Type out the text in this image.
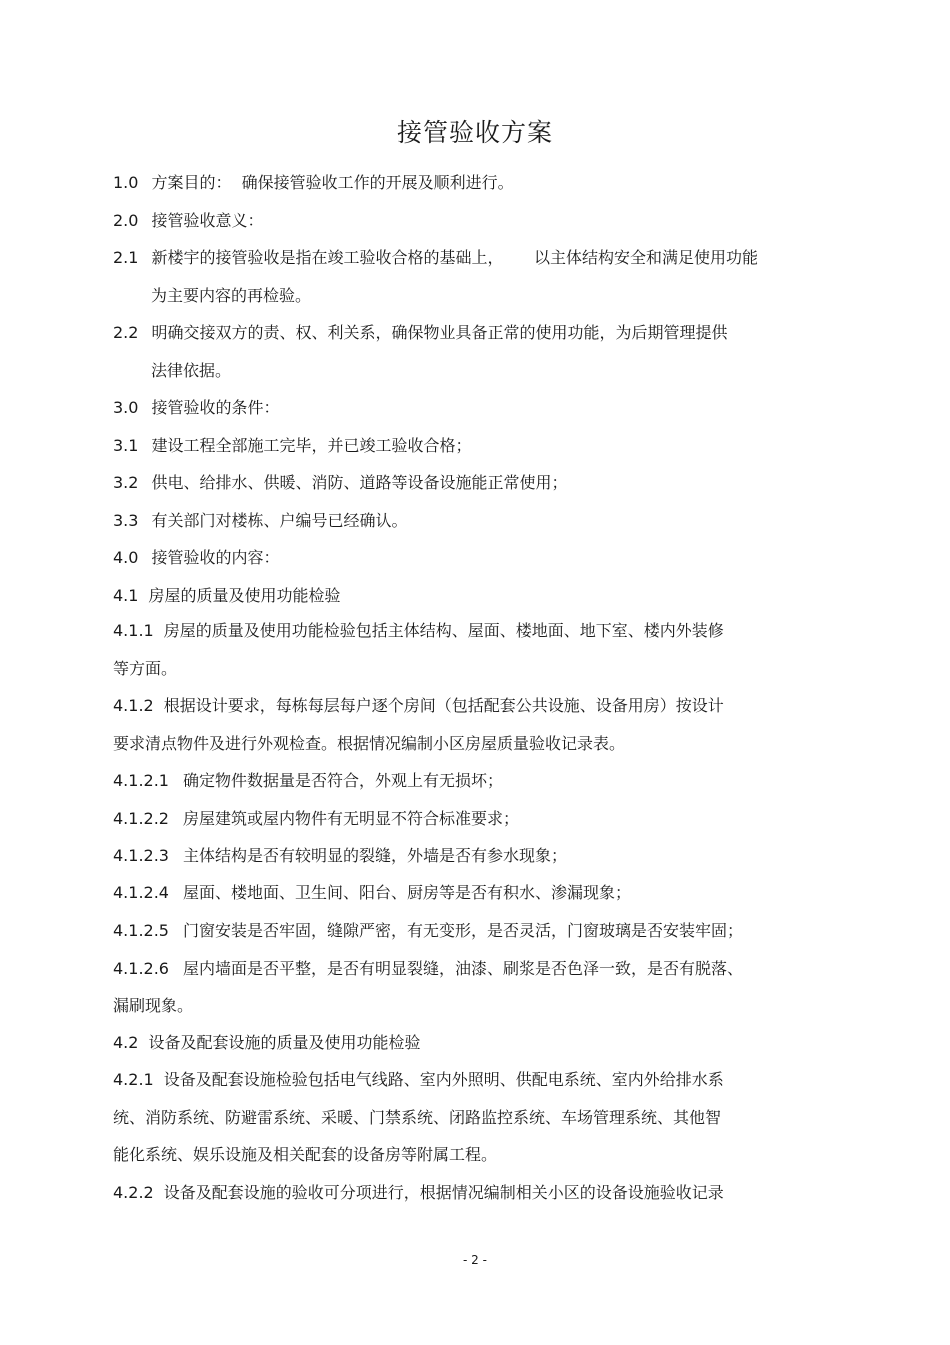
接管验收方案
1.0 方案目的：  确保接管验收工作的开展及顺利进行。
2.0 接管验收意义：
2.1 新楼宇的接管验收是指在竣工验收合格的基础上，      以主体结构安全和满足使用功能
为主要内容的再检验。
2.2 明确交接双方的责、权、利关系，确保物业具备正常的使用功能，为后期管理提供
法律依据。
3.0 接管验收的条件：
3.1 建设工程全部施工完毕，并已竣工验收合格；
3.2 供电、给排水、供暖、消防、道路等设备设施能正常使用；
3.3 有关部门对楼栋、户编号已经确认。
4.0 接管验收的内容：
4.1 房屋的质量及使用功能检验
4.1.1 房屋的质量及使用功能检验包括主体结构、屋面、楼地面、地下室、楼内外装修
等方面。
4.1.2 根据设计要求，每栋每层每户逐个房间（包括配套公共设施、设备用房）按设计
要求清点物件及进行外观检查。根据情况编制小区房屋质量验收记录表。
4.1.2.1 确定物件数据量是否符合，外观上有无损坏；
4.1.2.2 房屋建筑或屋内物件有无明显不符合标准要求；
4.1.2.3 主体结构是否有较明显的裂缝，外墙是否有参水现象；
4.1.2.4 屋面、楼地面、卫生间、阳台、厨房等是否有积水、渗漏现象；
4.1.2.5 门窗安装是否牢固，缝隙严密，有无变形，是否灵活，门窗玻璃是否安装牢固；
4.1.2.6 屋内墙面是否平整，是否有明显裂缝，油漆、刷浆是否色泽一致，是否有脱落、
漏刷现象。
4.2 设备及配套设施的质量及使用功能检验
4.2.1 设备及配套设施检验包括电气线路、室内外照明、供配电系统、室内外给排水系
统、消防系统、防避雷系统、采暖、门禁系统、闭路监控系统、车场管理系统、其他智
能化系统、娱乐设施及相关配套的设备房等附属工程。
4.2.2 设备及配套设施的验收可分项进行，根据情况编制相关小区的设备设施验收记录
- 2 -
